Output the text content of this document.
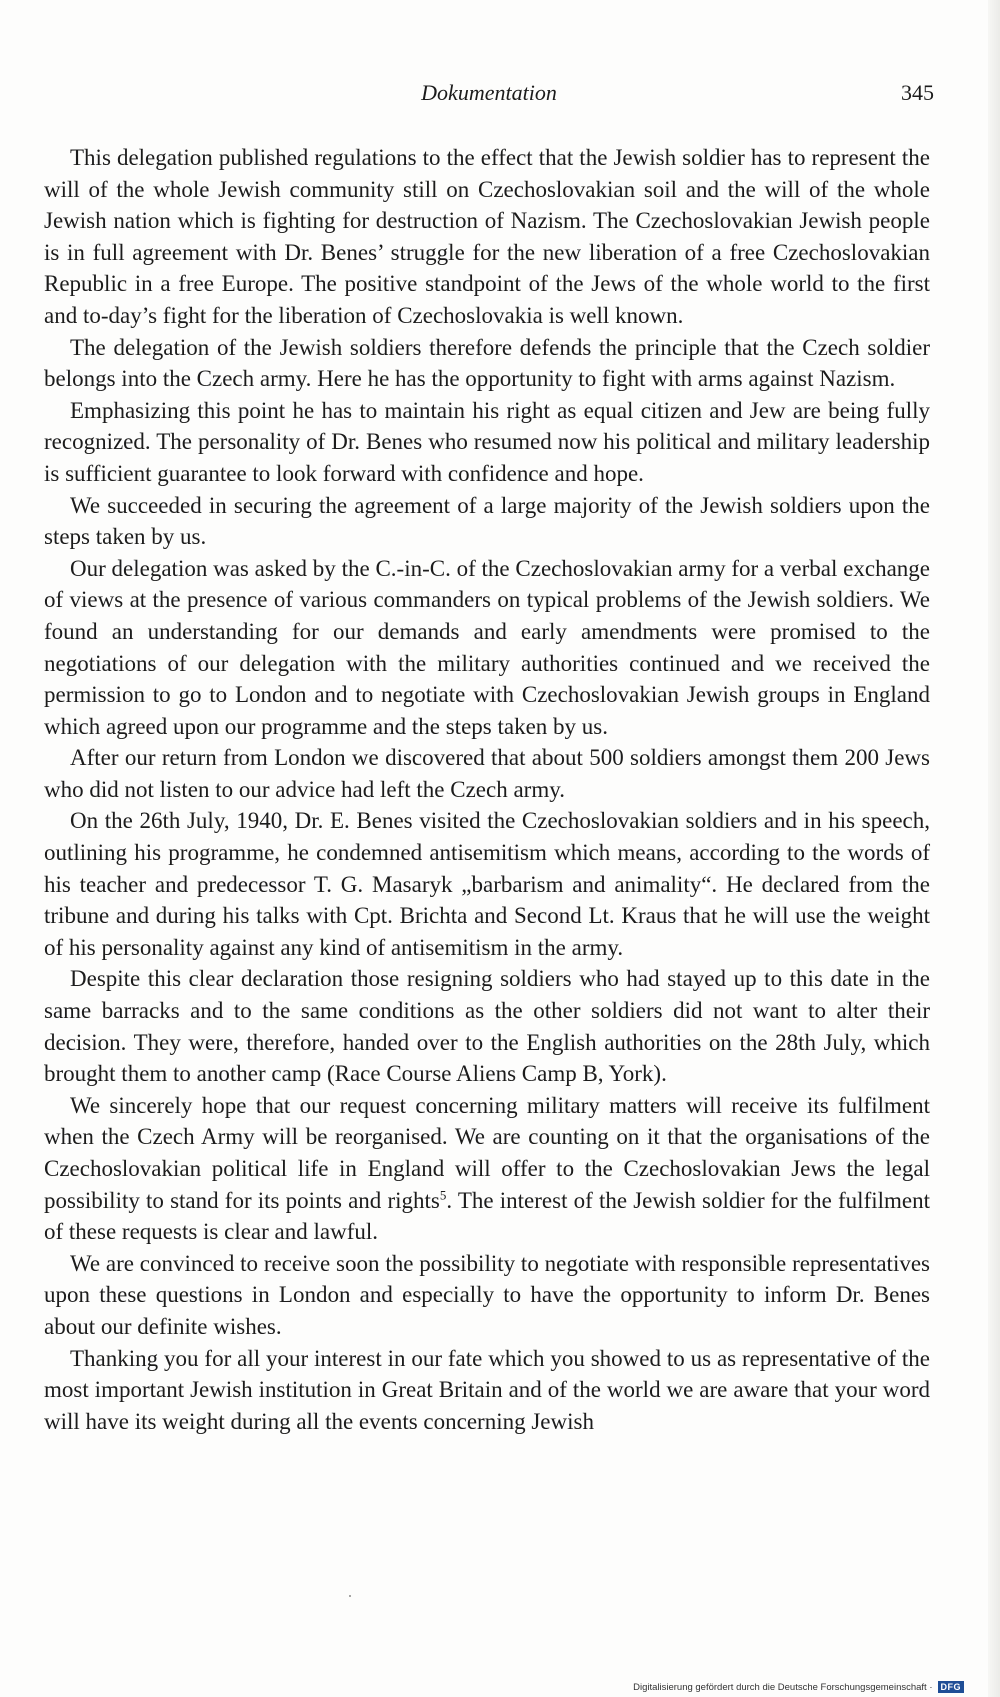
Dokumentation	345

This delegation published regulations to the effect that the Jewish soldier has to represent the will of the whole Jewish community still on Czechoslovakian soil and the will of the whole Jewish nation which is fighting for destruction of Nazism. The Czechoslovakian Jewish people is in full agreement with Dr. Benes’ struggle for the new liberation of a free Czechoslovakian Republic in a free Europe. The positive standpoint of the Jews of the whole world to the first and to-day’s fight for the liberation of Czechoslovakia is well known.

The delegation of the Jewish soldiers therefore defends the principle that the Czech soldier belongs into the Czech army. Here he has the opportunity to fight with arms against Nazism.

Emphasizing this point he has to maintain his right as equal citizen and Jew are being fully recognized. The personality of Dr. Benes who resumed now his political and military leadership is sufficient guarantee to look forward with confidence and hope.

We succeeded in securing the agreement of a large majority of the Jewish soldiers upon the steps taken by us.

Our delegation was asked by the C.-in-C. of the Czechoslovakian army for a verbal exchange of views at the presence of various commanders on typical problems of the Jewish soldiers. We found an understanding for our demands and early amendments were promised to the negotiations of our delegation with the military authorities continued and we received the permission to go to London and to negotiate with Czechoslovakian Jewish groups in England which agreed upon our programme and the steps taken by us.

After our return from London we discovered that about 500 soldiers amongst them 200 Jews who did not listen to our advice had left the Czech army.

On the 26th July, 1940, Dr. E. Benes visited the Czechoslovakian soldiers and in his speech, outlining his programme, he condemned antisemitism which means, according to the words of his teacher and predecessor T. G. Masaryk „barbarism and animality“. He declared from the tribune and during his talks with Cpt. Brichta and Second Lt. Kraus that he will use the weight of his personality against any kind of antisemitism in the army.

Despite this clear declaration those resigning soldiers who had stayed up to this date in the same barracks and to the same conditions as the other soldiers did not want to alter their decision. They were, therefore, handed over to the English authorities on the 28th July, which brought them to another camp (Race Course Aliens Camp B, York).

We sincerely hope that our request concerning military matters will receive its fulfilment when the Czech Army will be reorganised. We are counting on it that the organisations of the Czechoslovakian political life in England will offer to the Czechoslovakian Jews the legal possibility to stand for its points and rights$^5$. The interest of the Jewish soldier for the fulfilment of these requests is clear and lawful.

We are convinced to receive soon the possibility to negotiate with responsible representatives upon these questions in London and especially to have the opportunity to inform Dr. Benes about our definite wishes.

Thanking you for all your interest in our fate which you showed to us as representative of the most important Jewish institution in Great Britain and of the world we are aware that your word will have its weight during all the events concerning Jewish

Digitalisierung gefördert durch die Deutsche Forschungsgemeinschaft · DFG
